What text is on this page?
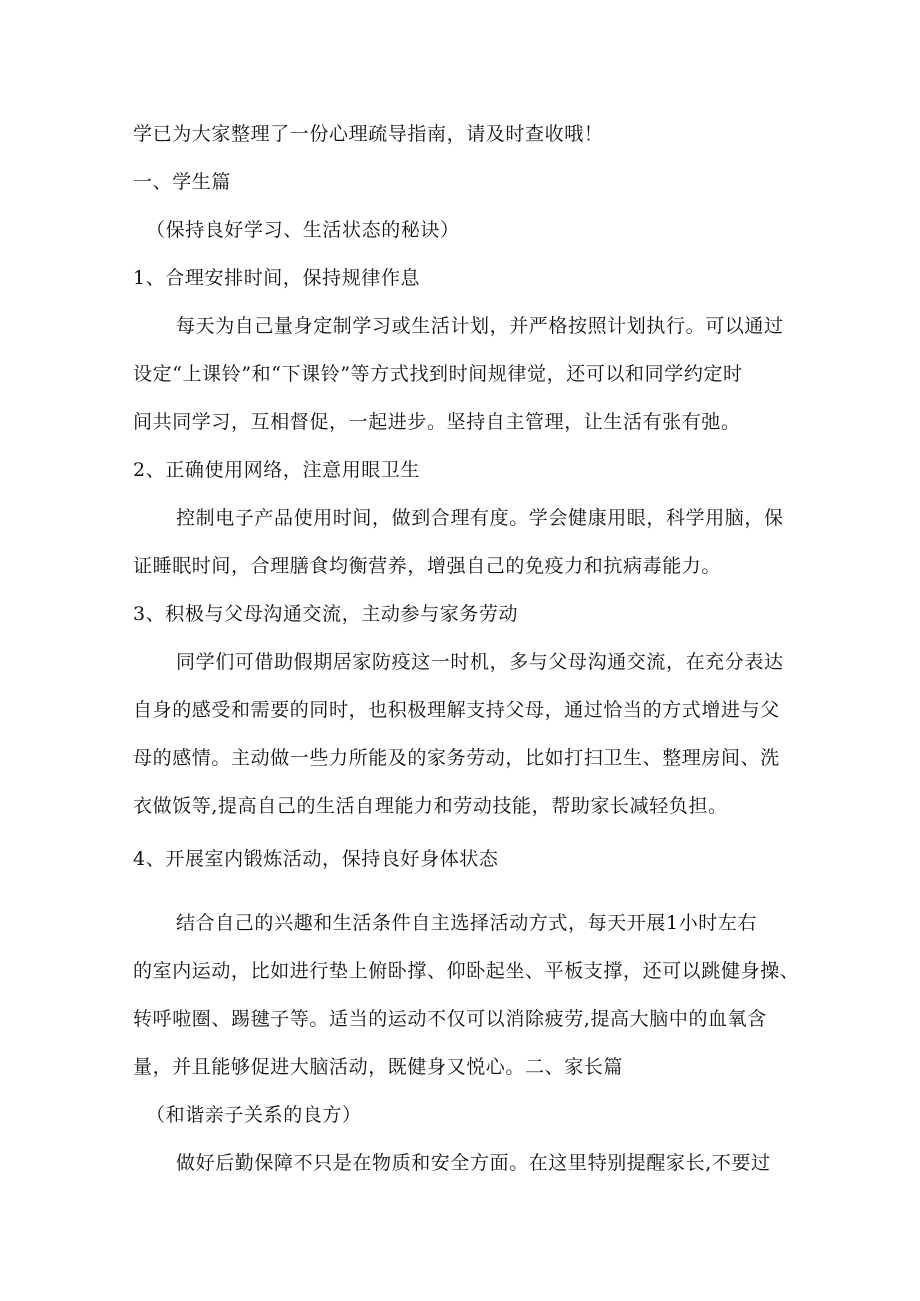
学已为大家整理了一份心理疏导指南，请及时查收哦！
一、学生篇
（保持良好学习、生活状态的秘诀）
1、合理安排时间，保持规律作息
每天为自己量身定制学习或生活计划，并严格按照计划执行。可以通过
设定“上课铃”和“下课铃”等方式找到时间规律觉，还可以和同学约定时
间共同学习，互相督促，一起进步。坚持自主管理，让生活有张有弛。
2、正确使用网络，注意用眼卫生
控制电子产品使用时间，做到合理有度。学会健康用眼，科学用脑，保
证睡眠时间，合理膳食均衡营养，增强自己的免疫力和抗病毒能力。
3、积极与父母沟通交流，主动参与家务劳动
同学们可借助假期居家防疫这一时机，多与父母沟通交流，在充分表达
自身的感受和需要的同时，也积极理解支持父母，通过恰当的方式增进与父
母的感情。主动做一些力所能及的家务劳动，比如打扫卫生、整理房间、洗
衣做饭等,提高自己的生活自理能力和劳动技能，帮助家长减轻负担。
4、开展室内锻炼活动，保持良好身体状态
结合自己的兴趣和生活条件自主选择活动方式，每天开展1小时左右
的室内运动，比如进行垫上俯卧撑、仰卧起坐、平板支撑，还可以跳健身操、
转呼啦圈、踢毽子等。适当的运动不仅可以消除疲劳,提高大脑中的血氧含
量，并且能够促进大脑活动，既健身又悦心。二、家长篇
（和谐亲子关系的良方）
做好后勤保障不只是在物质和安全方面。在这里特别提醒家长,不要过
